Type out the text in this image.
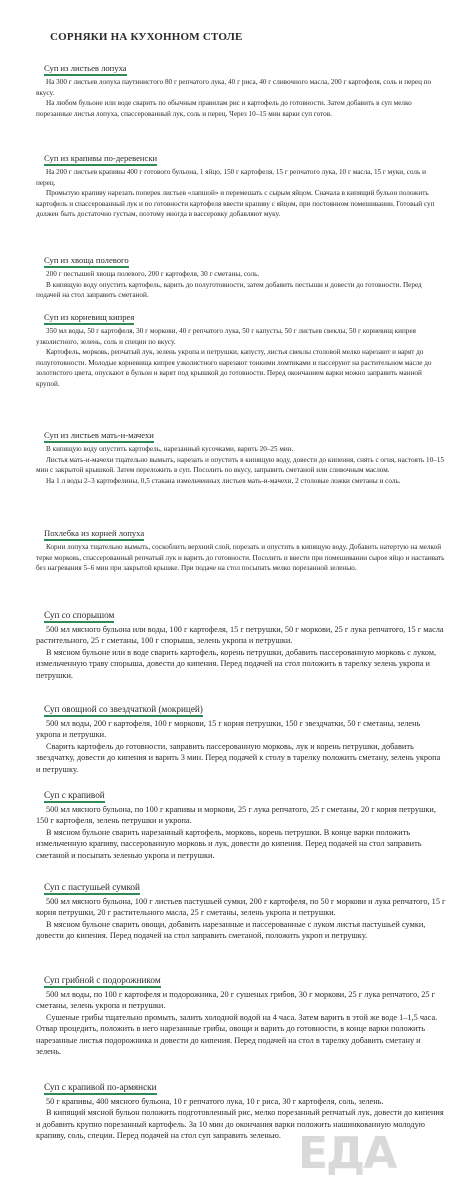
СОРНЯКИ НА КУХОННОМ СТОЛЕ
Суп из листьев лопуха

На 300 г листьев лопуха паутинистого 80 г репчатого лука, 40 г риса, 40 г сливочного масла, 200 г картофеля, соль и перец по вкусу.

На любом бульоне или воде сварить по обычным правилам рис и картофель до готовности. Затем добавить в суп мелко порезанные листья лопуха, спассерованный лук, соль и перец. Через 10–15 мин варки суп готов.

Суп из крапивы по-деревенски

На 200 г листьев крапивы 400 г готового бульона, 1 яйцо, 150 г картофеля, 15 г репчатого лука, 10 г масла, 15 г муки, соль и перец.

Промытую крапиву нарезать поперек листьев «лапшой» и перемешать с сырым яйцом. Сначала в кипящий бульон положить картофель и спассерованный лук и по готовности картофеля ввести крапиву с яйцом, при постоянном помешивании. Готовый суп должен быть достаточно густым, поэтому иногда в вассеровку добавляют муку.

Суп из хвоща полевого

200 г пестышей хвоща полевого, 200 г картофеля, 30 г сметаны, соль.

В кипящую воду опустить картофель, варить до полуготовности, затем добавить пестыши и довести до готовности. Перед подачей на стол заправить сметаной.

Суп из корневищ кипрея

350 мл воды, 50 г картофеля, 30 г моркови, 40 г репчатого лука, 50 г капусты, 50 г листьев свеклы, 50 г корневищ кипрея узколистного, зелень, соль и специи по вкусу.

Картофель, морковь, репчатый лук, зелень укропа и петрушки, капусту, листья свеклы столовой мелко нарезают и варят до полуготовности. Молодые корневища кипрея узколистного нарезают тонкими ломтиками и пассеруют на растительном масле до золотистого цвета, опускают в бульон и варят под крышкой до готовности. Перед окончанием варки можно заправить манной крупой.

Суп из листьев мать-и-мачехи

В кипящую воду опустить картофель, нарезанный кусочками, варить 20–25 мин.

Листья мать-и-мачехи тщательно вымыть, нарезать и опустить в кипящую воду, довести до кипения, снять с огня, настоять 10–15 мин с закрытой крышкой. Затем переложить в суп. Посолить по вкусу, заправить сметаной или сливочным маслом.

На 1 л воды 2–3 картофелины, 0,5 стакана измельченных листьев мать-и-мачехи, 2 столовые ложки сметаны и соль.

Похлебка из корней лопуха

Корни лопуха тщательно вымыть, соскоблить верхний слой, порезать и опустить в кипящую воду. Добавить натертую на мелкой терке морковь, спассерованный репчатый лук и варить до готовности. Посолить и ввести при помешивании сырое яйцо и настаивать без нагревания 5–6 мин при закрытой крышке. При подаче на стол посыпать мелко порезанной зеленью.

Суп со спорышом

500 мл мясного бульона или воды, 100 г картофеля, 15 г петрушки, 50 г моркови, 25 г лука репчатого, 15 г масла растительного, 25 г сметаны, 100 г спорыша, зелень укропа и петрушки.

В мясном бульоне или в воде сварить картофель, корень петрушки, добавить пассерованную морковь с луком, измельченную траву спорыша, довести до кипения. Перед подачей на стол положить в тарелку зелень укропа и петрушки.

Суп овощной со звездчаткой (мокрицей)

500 мл воды, 200 г картофеля, 100 г моркови, 15 г корня петрушки, 150 г звездчатки, 50 г сметаны, зелень укропа и петрушки.

Сварить картофель до готовности, заправить пассерованную морковь, лук и корень петрушки, добавить звездчатку, довести до кипения и варить 3 мин. Перед подачей к столу в тарелку положить сметану, зелень укропа и петрушку.

Суп с крапивой

500 мл мясного бульона, по 100 г крапивы и моркови, 25 г лука репчатого, 25 г сметаны, 20 г корня петрушки, 150 г картофеля, зелень петрушки и укропа.

В мясном бульоне сварить нарезанный картофель, морковь, корень петрушки. В конце варки положить измельченную крапиву, пассерованную морковь и лук, довести до кипения. Перед подачей на стол заправить сметаной и посыпать зеленью укропа и петрушки.

Суп с пастушьей сумкой

500 мл мясного бульона, 100 г листьев пастушьей сумки, 200 г картофеля, по 50 г моркови и лука репчатого, 15 г корня петрушки, 20 г растительного масла, 25 г сметаны, зелень укропа и петрушки.

В мясном бульоне сварить овощи, добавить нарезанные и пассерованные с луком листья пастушьей сумки, довести до кипения. Перед подачей на стол заправить сметаной, положить укроп и петрушку.

Суп грибной с подорожником

500 мл воды, по 100 г картофеля и подорожника, 20 г сушеных грибов, 30 г моркови, 25 г лука репчатого, 25 г сметаны, зелень укропа и петрушки.

Сушеные грибы тщательно промыть, залить холодной водой на 4 часа. Затем варить в этой же воде 1–1,5 часа. Отвар процедить, положить в него нарезанные грибы, овощи и варить до готовности, в конце варки положить нарезанные листья подорожника и довести до кипения. Перед подачей на стол в тарелку добавить сметану и зелень.

Суп с крапивой по-армянски

50 г крапивы, 400 мясного бульона, 10 г репчатого лука, 10 г риса, 30 г картофеля, соль, зелень.

В кипящий мясной бульон положить подготовленный рис, мелко порезанный репчатый лук, довести до кипения и добавить крупно порезанный картофель. За 10 мин до окончания варки положить нашинкованную молодую крапиву, соль, специи. Перед подачей на стол суп заправить зеленью. ЕДА
